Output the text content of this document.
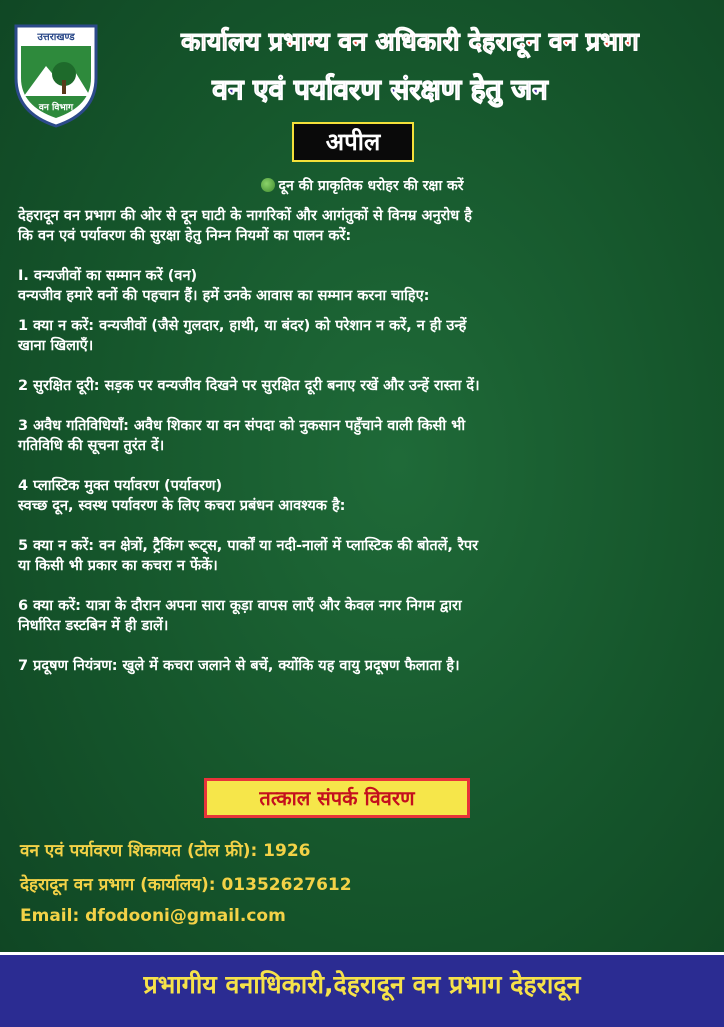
उत्तराखण्ड
वन विभाग
कार्यालय प्रभाग्य वन अधिकारी देहरादून वन प्रभाग
वन एवं पर्यावरण संरक्षण हेतु जन
अपील
दून की प्राकृतिक धरोहर की रक्षा करें

देहरादून वन प्रभाग की ओर से दून घाटी के नागरिकों और आगंतुकों से विनम्र अनुरोध है

कि वन एवं पर्यावरण की सुरक्षा हेतु निम्न नियमों का पालन करें:

I. वन्यजीवों का सम्मान करें (वन)

वन्यजीव हमारे वनों की पहचान हैं। हमें उनके आवास का सम्मान करना चाहिए:

1 क्या न करें: वन्यजीवों (जैसे गुलदार, हाथी, या बंदर) को परेशान न करें, न ही उन्हें

खाना खिलाएँ।

2 सुरक्षित दूरी: सड़क पर वन्यजीव दिखने पर सुरक्षित दूरी बनाए रखें और उन्हें रास्ता दें।

3 अवैध गतिविधियाँ: अवैध शिकार या वन संपदा को नुकसान पहुँचाने वाली किसी भी

गतिविधि की सूचना तुरंत दें।

4 प्लास्टिक मुक्त पर्यावरण (पर्यावरण)

स्वच्छ दून, स्वस्थ पर्यावरण के लिए कचरा प्रबंधन आवश्यक है:

5 क्या न करें: वन क्षेत्रों, ट्रैकिंग रूट्स, पार्कों या नदी-नालों में प्लास्टिक की बोतलें, रैपर

या किसी भी प्रकार का कचरा न फेंकें।

6 क्या करें: यात्रा के दौरान अपना सारा कूड़ा वापस लाएँ और केवल नगर निगम द्वारा

निर्धारित डस्टबिन में ही डालें।

7 प्रदूषण नियंत्रण: खुले में कचरा जलाने से बचें, क्योंकि यह वायु प्रदूषण फैलाता है।

तत्काल संपर्क विवरण
वन एवं पर्यावरण शिकायत (टोल फ्री): 1926
देहरादून वन प्रभाग (कार्यालय): 01352627612
Email: dfodooni@gmail.com
प्रभागीय वनाधिकारी,देहरादून वन प्रभाग देहरादून
